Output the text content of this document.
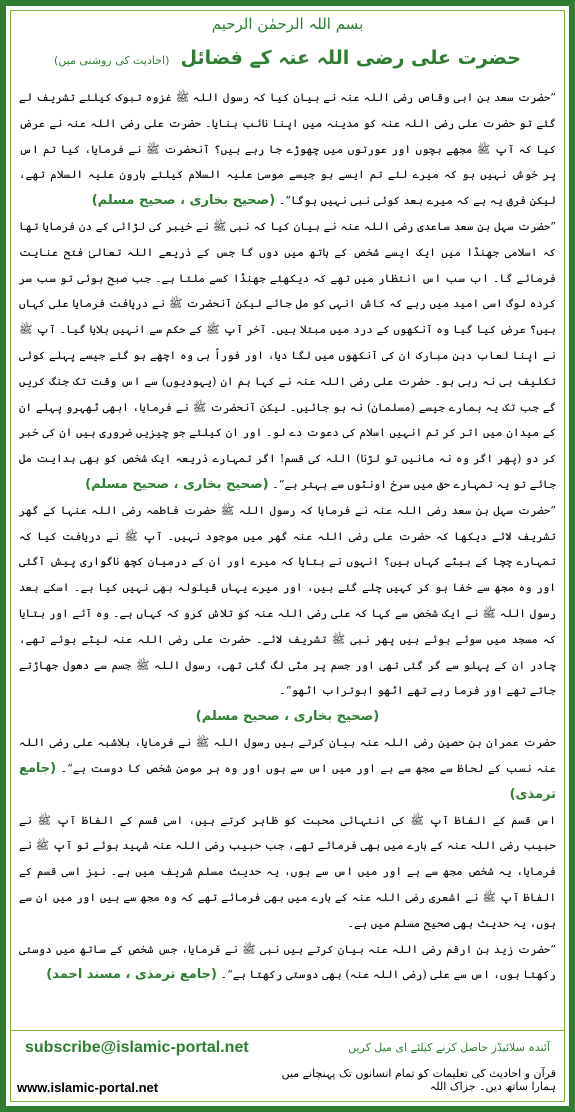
بسم اللہ الرحمٰن الرحیم
حضرت علی رضی اللہ عنہ کے فضائل (احادیث کی روشنی میں)

”حضرت سعد بن ابی وقاص رضی اللہ عنہ نے بیان کیا کہ رسول اللہ ﷺ غزوہ تبوک کیلئے تشریف لے گئے تو حضرت علی رضی اللہ عنہ کو مدینہ میں اپنا نائب بنایا۔ حضرت علی رضی اللہ عنہ نے عرض کیا کہ آپ ﷺ مجھے بچوں اور عورتوں میں چھوڑے جا رہے ہیں؟ آنحضرت ﷺ نے فرمایا، کیا تم اس پر خوش نہیں ہو کہ میرے لئے تم ایسے ہو جیسے موسیٰ علیہ السلام کیلئے ہارون علیہ السلام تھے، لیکن فرق یہ ہے کہ میرے بعد کوئی نبی نہیں ہوگا“۔ (صحیح بخاری ، صحیح مسلم)

”حضرت سہل بن سعد ساعدی رضی اللہ عنہ نے بیان کیا کہ نبی ﷺ نے خیبر کی لڑائی کے دن فرمایا تھا کہ اسلامی جھنڈا میں ایک ایسے شخص کے ہاتھ میں دوں گا جس کے ذریعے اللہ تعالیٰ فتح عنایت فرمائے گا۔ اب سب اس انتظار میں تھے کہ دیکھئے جھنڈا کسے ملتا ہے۔ جب صبح ہوئی تو سب سر کردہ لوگ اسی امید میں رہے کہ کاش انہی کو مل جائے لیکن آنحضرت ﷺ نے دریافت فرمایا علی کہاں ہیں؟ عرض کیا گیا وہ آنکھوں کے درد میں مبتلا ہیں۔ آخر آپ ﷺ کے حکم سے انہیں بلایا گیا۔ آپ ﷺ نے اپنا لعاب دہن مبارک ان کی آنکھوں میں لگا دیا، اور فوراً ہی وہ اچھے ہو گئے جیسے پہلے کوئی تکلیف ہی نہ رہی ہو۔ حضرت علی رضی اللہ عنہ نے کہا ہم ان (یہودیوں) سے اس وقت تک جنگ کریں گے جب تک یہ ہمارے جیسے (مسلمان) نہ ہو جائیں۔ لیکن آنحضرت ﷺ نے فرمایا، ابھی ٹھہرو پہلے ان کے میدان میں اتر کر تم انہیں اسلام کی دعوت دے لو۔ اور ان کیلئے جو چیزیں ضروری ہیں ان کی خبر کر دو (پھر اگر وہ نہ مانیں تو لڑنا) اللہ کی قسم! اگر تمہارے ذریعہ ایک شخص کو بھی ہدایت مل جائے تو یہ تمہارے حق میں سرخ اونٹوں سے بہتر ہے“۔ (صحیح بخاری ، صحیح مسلم)

”حضرت سہل بن سعد رضی اللہ عنہ نے فرمایا کہ رسول اللہ ﷺ حضرت فاطمہ رضی اللہ عنہا کے گھر تشریف لائے دیکھا کہ حضرت علی رضی اللہ عنہ گھر میں موجود نہیں۔ آپ ﷺ نے دریافت کیا کہ تمہارے چچا کے بیٹے کہاں ہیں؟ انہوں نے بتایا کہ میرے اور ان کے درمیان کچھ ناگواری پیش آگئی اور وہ مجھ سے خفا ہو کر کہیں چلے گئے ہیں، اور میرے یہاں قیلولہ بھی نہیں کیا ہے۔ اسکے بعد رسول اللہ ﷺ نے ایک شخص سے کہا کہ علی رضی اللہ عنہ کو تلاش کرو کہ کہاں ہے۔ وہ آئے اور بتایا کہ مسجد میں سوئے ہوئے ہیں پھر نبی ﷺ تشریف لائے۔ حضرت علی رضی اللہ عنہ لیٹے ہوئے تھے، چادر ان کے پہلو سے گر گئی تھی اور جسم پر مٹی لگ گئی تھی، رسول اللہ ﷺ جسم سے دھول جھاڑتے جاتے تھے اور فرما رہے تھے اٹھو ابوتراب اٹھو“۔

(صحیح بخاری ، صحیح مسلم)

حضرت عمران بن حصین رضی اللہ عنہ بیان کرتے ہیں رسول اللہ ﷺ نے فرمایا، بلاشبہ علی رضی اللہ عنہ نسب کے لحاظ سے مجھ سے ہے اور میں اس سے ہوں اور وہ ہر مومن شخص کا دوست ہے“۔ (جامع ترمذی)

اس قسم کے الفاظ آپ ﷺ کی انتہائی محبت کو ظاہر کرتے ہیں، اسی قسم کے الفاظ آپ ﷺ نے حبیب رضی اللہ عنہ کے بارے میں بھی فرمائے تھے، جب حبیب رضی اللہ عنہ شہید ہوئے تو آپ ﷺ نے فرمایا، یہ شخص مجھ سے ہے اور میں اس سے ہوں، یہ حدیث مسلم شریف میں ہے۔ نیز اسی قسم کے الفاظ آپ ﷺ نے اشعری رضی اللہ عنہ کے بارے میں بھی فرمائے تھے کہ وہ مجھ سے ہیں اور میں ان سے ہوں، یہ حدیث بھی صحیح مسلم میں ہے۔

”حضرت زید بن ارقم رضی اللہ عنہ بیان کرتے ہیں نبی ﷺ نے فرمایا، جس شخص کے ساتھ میں دوستی رکھتا ہوں، اس سے علی (رضی اللہ عنہ) بھی دوستی رکھتا ہے“۔ (جامع ترمذی ، مسند احمد)

subscribe@islamic-portal.net	آئندہ سلائیڈز حاصل کرنے کیلئے ای میل کریں
www.islamic-portal.net
قرآن و احادیث کی تعلیمات کو تمام انسانوں تک پہنچانے میں ہمارا ساتھ دیں۔ جزاک اللہ
